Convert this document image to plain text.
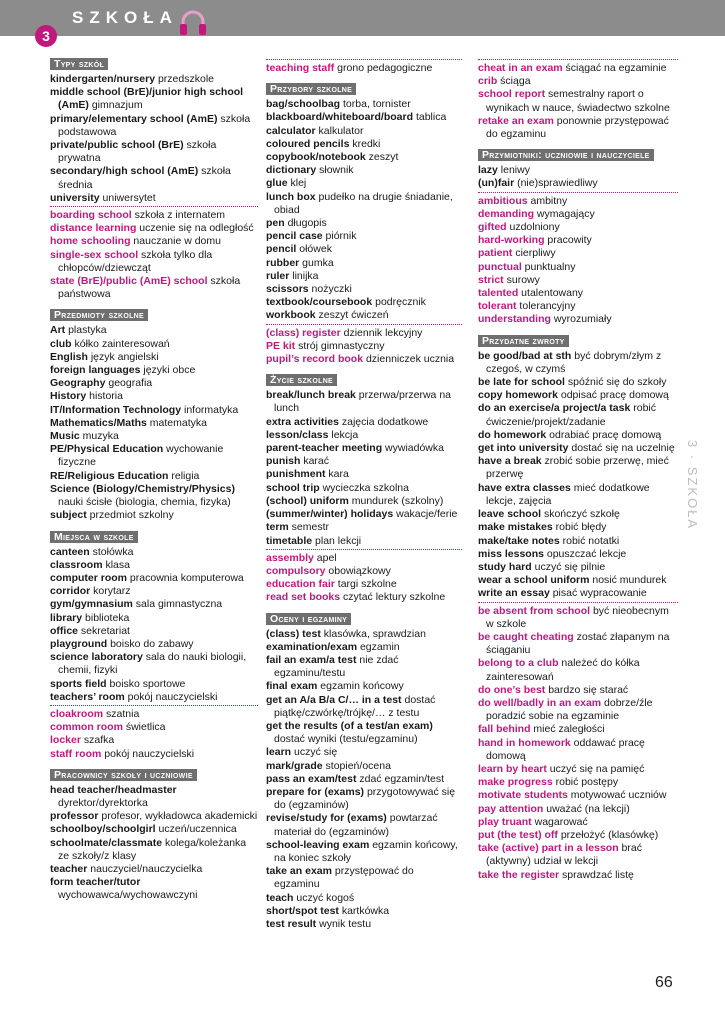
3
SZKOŁA
Typy szkół

kindergarten/nursery przedszkole

middle school (BrE)/junior high school (AmE) gimnazjum

primary/elementary school (AmE) szkoła podstawowa

private/public school (BrE) szkoła prywatna

secondary/high school (AmE) szkoła średnia

university uniwersytet

boarding school szkoła z internatem

distance learning uczenie się na odległość

home schooling nauczanie w domu

single-sex school szkoła tylko dla chłopców/dziewcząt

state (BrE)/public (AmE) school szkoła państwowa

Przedmioty szkolne

Art plastyka

club kółko zainteresowań

English język angielski

foreign languages języki obce

Geography geografia

History historia

IT/Information Technology informatyka

Mathematics/Maths matematyka

Music muzyka

PE/Physical Education wychowanie fizyczne

RE/Religious Education religia

Science (Biology/Chemistry/Physics) nauki ścisłe (biologia, chemia, fizyka)

subject przedmiot szkolny

Miejsca w szkole

canteen stołówka

classroom klasa

computer room pracownia komputerowa

corridor korytarz

gym/gymnasium sala gimnastyczna

library biblioteka

office sekretariat

playground boisko do zabawy

science laboratory sala do nauki biologii, chemii, fizyki

sports field boisko sportowe

teachers’ room pokój nauczycielski

cloakroom szatnia

common room świetlica

locker szafka

staff room pokój nauczycielski

Pracownicy szkoły i uczniowie

head teacher/headmaster dyrektor/dyrektorka

professor profesor, wykładowca akademicki

schoolboy/schoolgirl uczeń/uczennica

schoolmate/classmate kolega/koleżanka ze szkoły/z klasy

teacher nauczyciel/nauczycielka

form teacher/tutor wychowawca/wychowawczyni

teaching staff grono pedagogiczne

Przybory szkolne

bag/schoolbag torba, tornister

blackboard/whiteboard/board tablica

calculator kalkulator

coloured pencils kredki

copybook/notebook zeszyt

dictionary słownik

glue klej

lunch box pudełko na drugie śniadanie, obiad

pen długopis

pencil case piórnik

pencil ołówek

rubber gumka

ruler linijka

scissors nożyczki

textbook/coursebook podręcznik

workbook zeszyt ćwiczeń

(class) register dziennik lekcyjny

PE kit strój gimnastyczny

pupil’s record book dzienniczek ucznia

Życie szkolne

break/lunch break przerwa/przerwa na lunch

extra activities zajęcia dodatkowe

lesson/class lekcja

parent-teacher meeting wywiadówka

punish karać

punishment kara

school trip wycieczka szkolna

(school) uniform mundurek (szkolny)

(summer/winter) holidays wakacje/ferie

term semestr

timetable plan lekcji

assembly apel

compulsory obowiązkowy

education fair targi szkolne

read set books czytać lektury szkolne

Oceny i egzaminy

(class) test klasówka, sprawdzian

examination/exam egzamin

fail an exam/a test nie zdać egzaminu/testu

final exam egzamin końcowy

get an A/a B/a C/… in a test dostać piątkę/czwórkę/trójkę/… z testu

get the results (of a test/an exam) dostać wyniki (testu/egzaminu)

learn uczyć się

mark/grade stopień/ocena

pass an exam/test zdać egzamin/test

prepare for (exams) przygotowywać się do (egzaminów)

revise/study for (exams) powtarzać materiał do (egzaminów)

school-leaving exam egzamin końcowy, na koniec szkoły

take an exam przystępować do egzaminu

teach uczyć kogoś

short/spot test kartkówka

test result wynik testu

cheat in an exam ściągać na egzaminie

crib ściąga

school report semestralny raport o wynikach w nauce, świadectwo szkolne

retake an exam ponownie przystępować do egzaminu

Przymiotniki: uczniowie i nauczyciele

lazy leniwy

(un)fair (nie)sprawiedliwy

ambitious ambitny

demanding wymagający

gifted uzdolniony

hard-working pracowity

patient cierpliwy

punctual punktualny

strict surowy

talented utalentowany

tolerant tolerancyjny

understanding wyrozumiały

Przydatne zwroty

be good/bad at sth być dobrym/złym z czegoś, w czymś

be late for school spóźnić się do szkoły

copy homework odpisać pracę domową

do an exercise/a project/a task robić ćwiczenie/projekt/zadanie

do homework odrabiać pracę domową

get into university dostać się na uczelnię

have a break zrobić sobie przerwę, mieć przerwę

have extra classes mieć dodatkowe lekcje, zajęcia

leave school skończyć szkołę

make mistakes robić błędy

make/take notes robić notatki

miss lessons opuszczać lekcje

study hard uczyć się pilnie

wear a school uniform nosić mundurek

write an essay pisać wypracowanie

be absent from school być nieobecnym w szkole

be caught cheating zostać złapanym na ściąganiu

belong to a club należeć do kółka zainteresowań

do one’s best bardzo się starać

do well/badly in an exam dobrze/źle poradzić sobie na egzaminie

fall behind mieć zaległości

hand in homework oddawać pracę domową

learn by heart uczyć się na pamięć

make progress robić postępy

motivate students motywować uczniów

pay attention uważać (na lekcji)

play truant wagarować

put (the test) off przełożyć (klasówkę)

take (active) part in a lesson brać (aktywny) udział w lekcji

take the register sprawdzać listę

3 · SZKOŁA
66
